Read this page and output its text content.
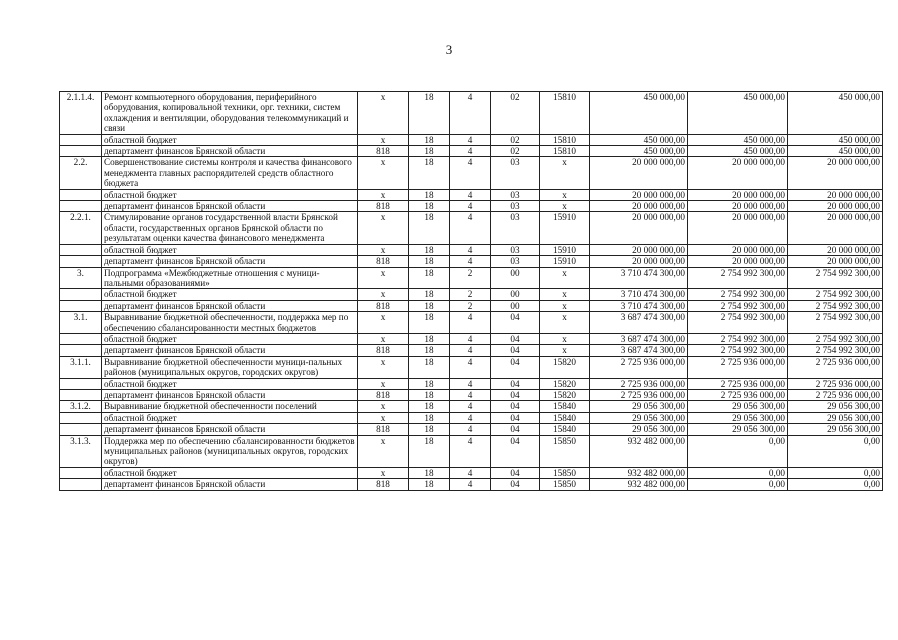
3
2.1.1.4.	Ремонт компьютерного оборудования, периферийного оборудования, копировальной техники, орг. техники, систем охлаждения и вентиляции, оборудования телекоммуникаций и связи	х	18	4	02	15810	450 000,00	450 000,00	450 000,00
	областной бюджет	х	18	4	02	15810	450 000,00	450 000,00	450 000,00
	департамент финансов Брянской области	818	18	4	02	15810	450 000,00	450 000,00	450 000,00
2.2.	Совершенствование системы контроля и качества финансового менеджмента главных распорядителей средств областного бюджета	х	18	4	03	х	20 000 000,00	20 000 000,00	20 000 000,00
	областной бюджет	х	18	4	03	х	20 000 000,00	20 000 000,00	20 000 000,00
	департамент финансов Брянской области	818	18	4	03	х	20 000 000,00	20 000 000,00	20 000 000,00
2.2.1.	Стимулирование органов государственной власти Брянской области, государственных органов Брянской области по результатам оценки качества финансового менеджмента	х	18	4	03	15910	20 000 000,00	20 000 000,00	20 000 000,00
	областной бюджет	х	18	4	03	15910	20 000 000,00	20 000 000,00	20 000 000,00
	департамент финансов Брянской области	818	18	4	03	15910	20 000 000,00	20 000 000,00	20 000 000,00
3.	Подпрограмма «Межбюджетные отношения с муници-пальными образованиями»	х	18	2	00	х	3 710 474 300,00	2 754 992 300,00	2 754 992 300,00
	областной бюджет	х	18	2	00	х	3 710 474 300,00	2 754 992 300,00	2 754 992 300,00
	департамент финансов Брянской области	818	18	2	00	х	3 710 474 300,00	2 754 992 300,00	2 754 992 300,00
3.1.	Выравнивание бюджетной обеспеченности, поддержка мер по обеспечению сбалансированности местных бюджетов	х	18	4	04	х	3 687 474 300,00	2 754 992 300,00	2 754 992 300,00
	областной бюджет	х	18	4	04	х	3 687 474 300,00	2 754 992 300,00	2 754 992 300,00
	департамент финансов Брянской области	818	18	4	04	х	3 687 474 300,00	2 754 992 300,00	2 754 992 300,00
3.1.1.	Выравнивание бюджетной обеспеченности муници-пальных районов (муниципальных округов, городских округов)	х	18	4	04	15820	2 725 936 000,00	2 725 936 000,00	2 725 936 000,00
	областной бюджет	х	18	4	04	15820	2 725 936 000,00	2 725 936 000,00	2 725 936 000,00
	департамент финансов Брянской области	818	18	4	04	15820	2 725 936 000,00	2 725 936 000,00	2 725 936 000,00
3.1.2.	Выравнивание бюджетной обеспеченности поселений	х	18	4	04	15840	29 056 300,00	29 056 300,00	29 056 300,00
	областной бюджет	х	18	4	04	15840	29 056 300,00	29 056 300,00	29 056 300,00
	департамент финансов Брянской области	818	18	4	04	15840	29 056 300,00	29 056 300,00	29 056 300,00
3.1.3.	Поддержка мер по обеспечению сбалансированности бюджетов муниципальных районов (муниципальных округов, городских округов)	х	18	4	04	15850	932 482 000,00	0,00	0,00
	областной бюджет	х	18	4	04	15850	932 482 000,00	0,00	0,00
	департамент финансов Брянской области	818	18	4	04	15850	932 482 000,00	0,00	0,00
